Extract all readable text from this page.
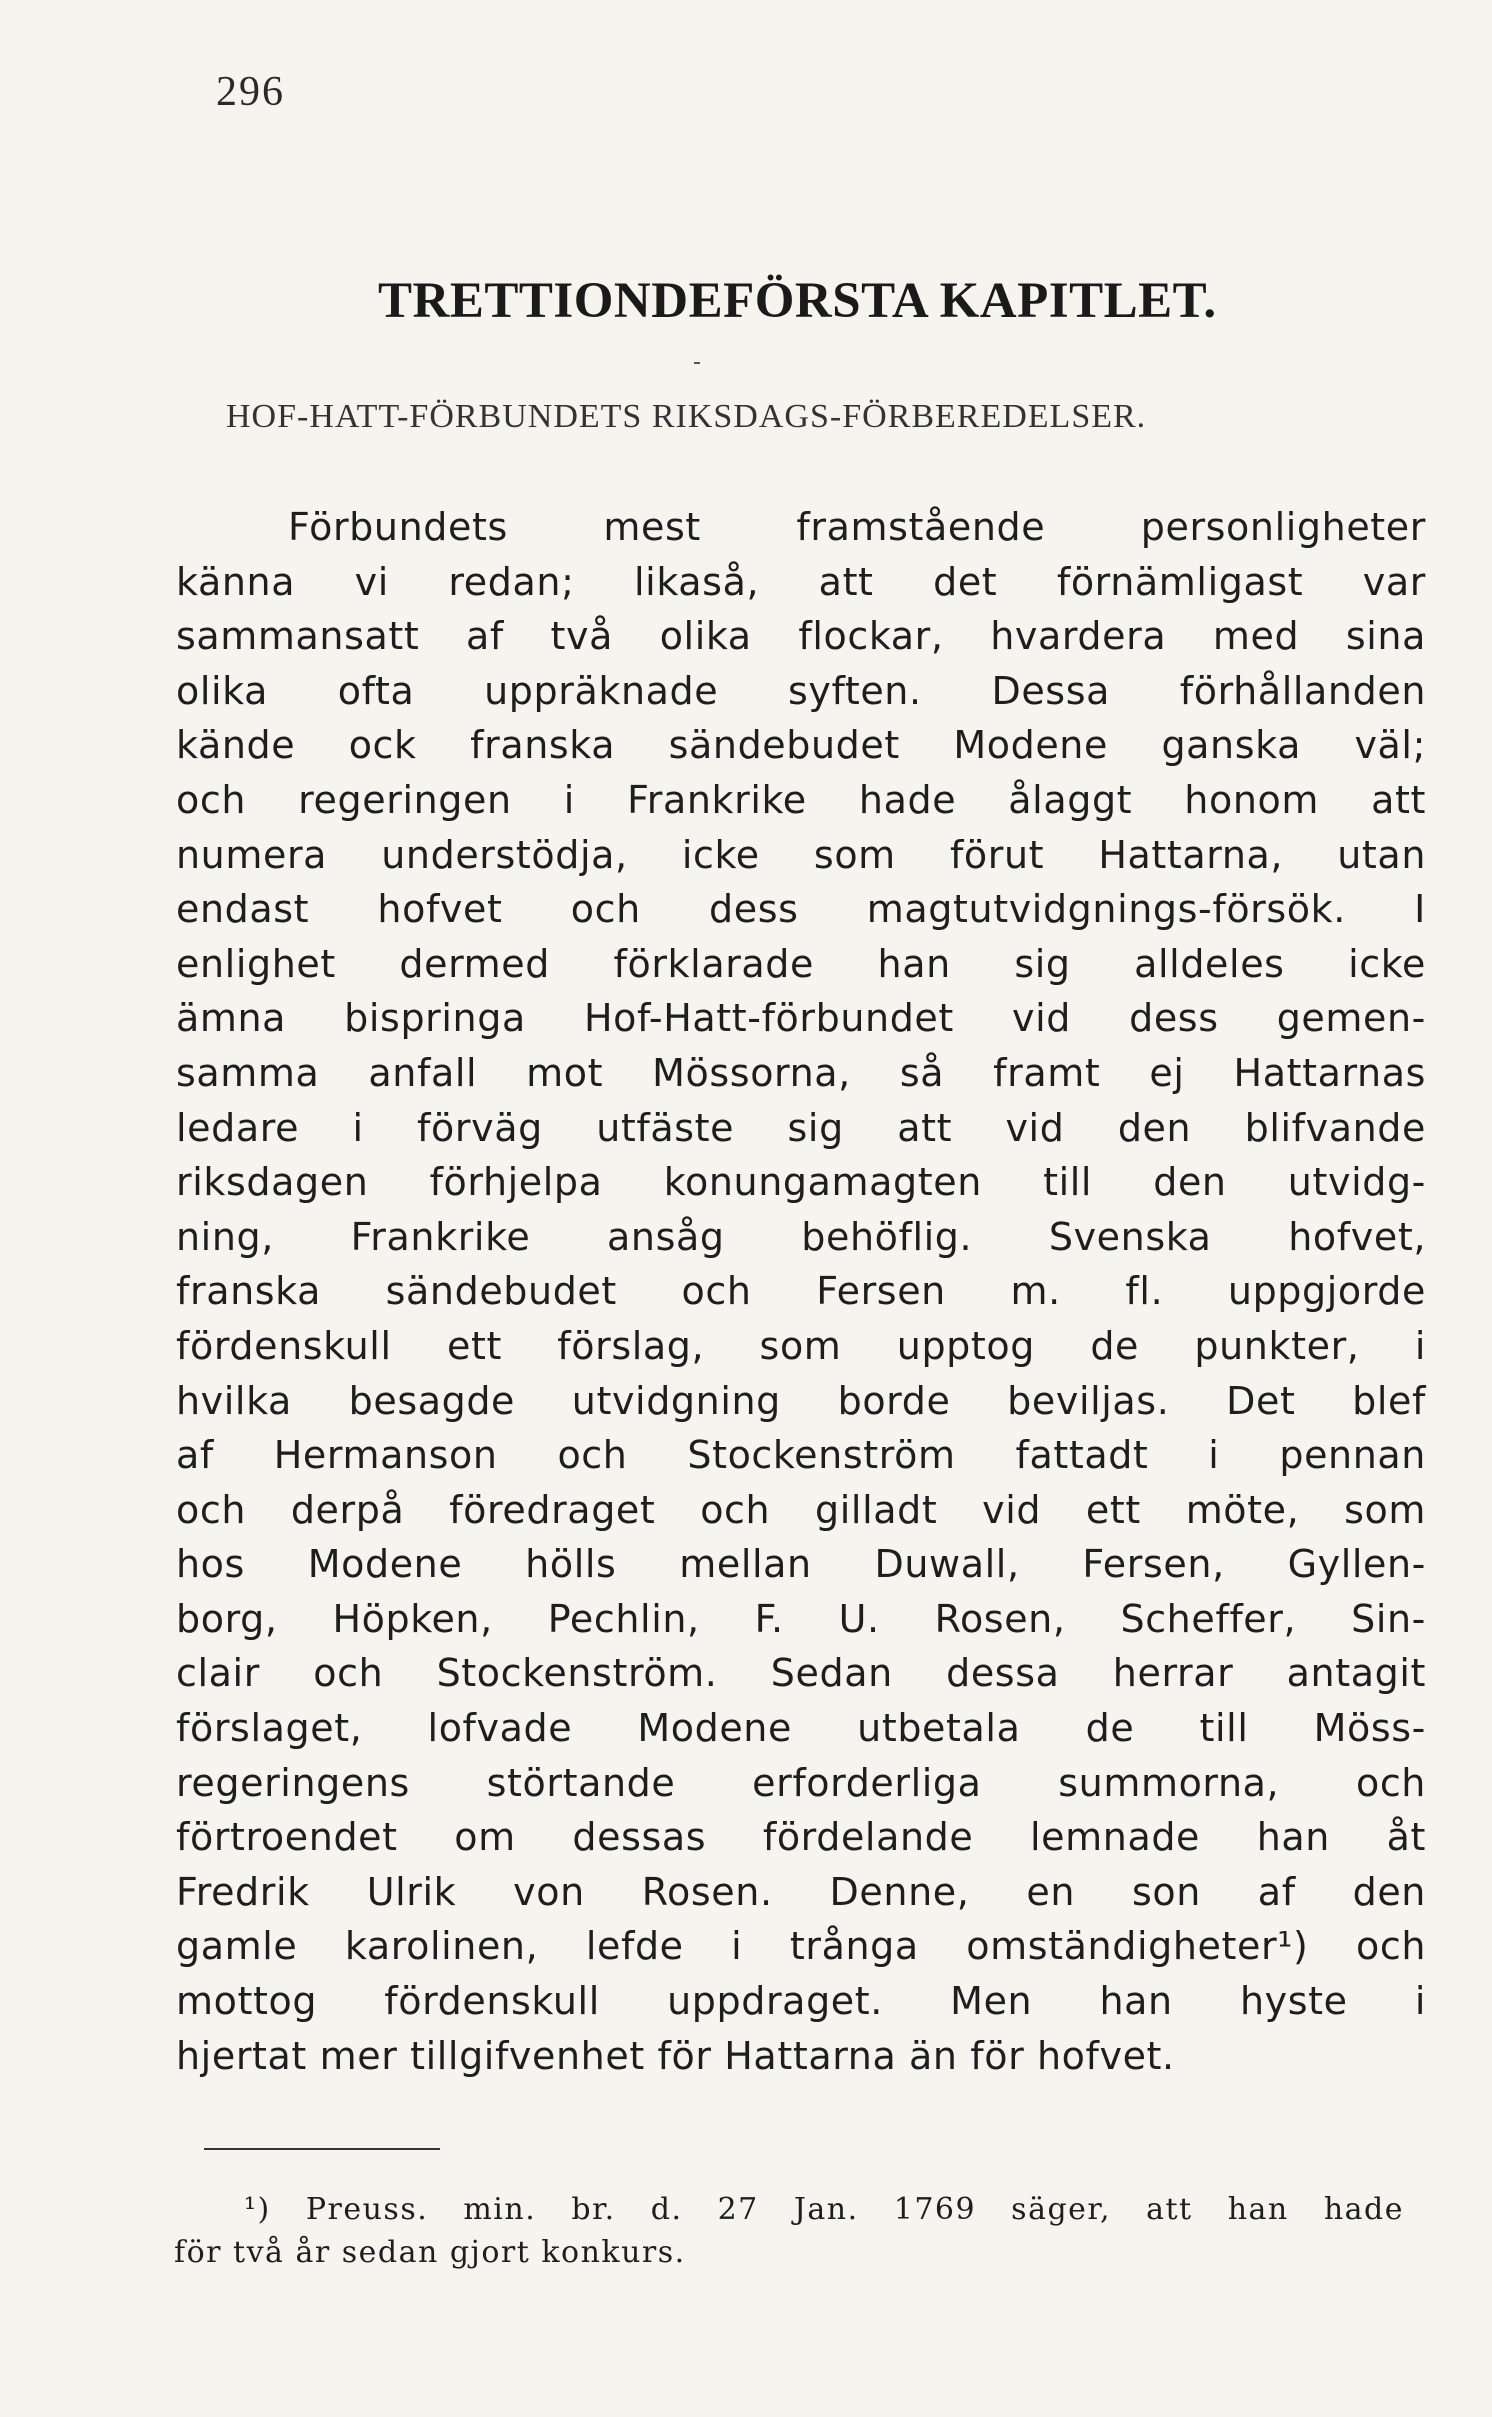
296
TRETTIONDEFÖRSTA KAPITLET.
HOF-HATT-FÖRBUNDETS RIKSDAGS-FÖRBEREDELSER.
Förbundets mest framstående personligheter
känna vi redan; likaså, att det förnämligast var
sammansatt af två olika flockar, hvardera med sina
olika ofta uppräknade syften. Dessa förhållanden
kände ock franska sändebudet Modene ganska väl;
och regeringen i Frankrike hade ålaggt honom att
numera understödja, icke som förut Hattarna, utan
endast hofvet och dess magtutvidgnings-försök. I
enlighet dermed förklarade han sig alldeles icke
ämna bispringa Hof-Hatt-förbundet vid dess gemen-
samma anfall mot Mössorna, så framt ej Hattarnas
ledare i förväg utfäste sig att vid den blifvande
riksdagen förhjelpa konungamagten till den utvidg-
ning, Frankrike ansåg behöflig. Svenska hofvet,
franska sändebudet och Fersen m. fl. uppgjorde
fördenskull ett förslag, som upptog de punkter, i
hvilka besagde utvidgning borde beviljas. Det blef
af Hermanson och Stockenström fattadt i pennan
och derpå föredraget och gilladt vid ett möte, som
hos Modene hölls mellan Duwall, Fersen, Gyllen-
borg, Höpken, Pechlin, F. U. Rosen, Scheffer, Sin-
clair och Stockenström. Sedan dessa herrar antagit
förslaget, lofvade Modene utbetala de till Möss-
regeringens störtande erforderliga summorna, och
förtroendet om dessas fördelande lemnade han åt
Fredrik Ulrik von Rosen. Denne, en son af den
gamle karolinen, lefde i trånga omständigheter¹) och
mottog fördenskull uppdraget. Men han hyste i
hjertat mer tillgifvenhet för Hattarna än för hofvet.
¹) Preuss. min. br. d. 27 Jan. 1769 säger, att han hade
för två år sedan gjort konkurs.
